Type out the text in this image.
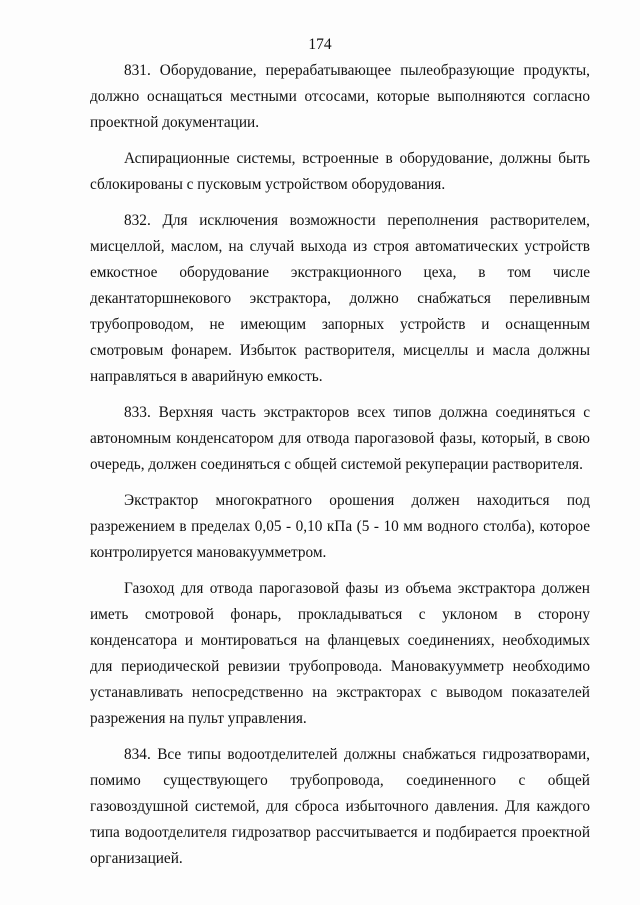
174

831. Оборудование, перерабатывающее пылеобразующие продукты, должно оснащаться местными отсосами, которые выполняются согласно проектной документации.

Аспирационные системы, встроенные в оборудование, должны быть сблокированы с пусковым устройством оборудования.

832. Для исключения возможности переполнения растворителем, мисцеллой, маслом, на случай выхода из строя автоматических устройств емкостное оборудование экстракционного цеха, в том числе декантаторшнекового экстрактора, должно снабжаться переливным трубопроводом, не имеющим запорных устройств и оснащенным смотровым фонарем. Избыток растворителя, мисцеллы и масла должны направляться в аварийную емкость.

833. Верхняя часть экстракторов всех типов должна соединяться с автономным конденсатором для отвода парогазовой фазы, который, в свою очередь, должен соединяться с общей системой рекуперации растворителя.

Экстрактор многократного орошения должен находиться под разрежением в пределах 0,05 - 0,10 кПа (5 - 10 мм водного столба), которое контролируется мановакуумметром.

Газоход для отвода парогазовой фазы из объема экстрактора должен иметь смотровой фонарь, прокладываться с уклоном в сторону конденсатора и монтироваться на фланцевых соединениях, необходимых для периодической ревизии трубопровода. Мановакуумметр необходимо устанавливать непосредственно на экстракторах с выводом показателей разрежения на пульт управления.

834. Все типы водоотделителей должны снабжаться гидрозатворами, помимо существующего трубопровода, соединенного с общей газовоздушной системой, для сброса избыточного давления. Для каждого типа водоотделителя гидрозатвор рассчитывается и подбирается проектной организацией.
